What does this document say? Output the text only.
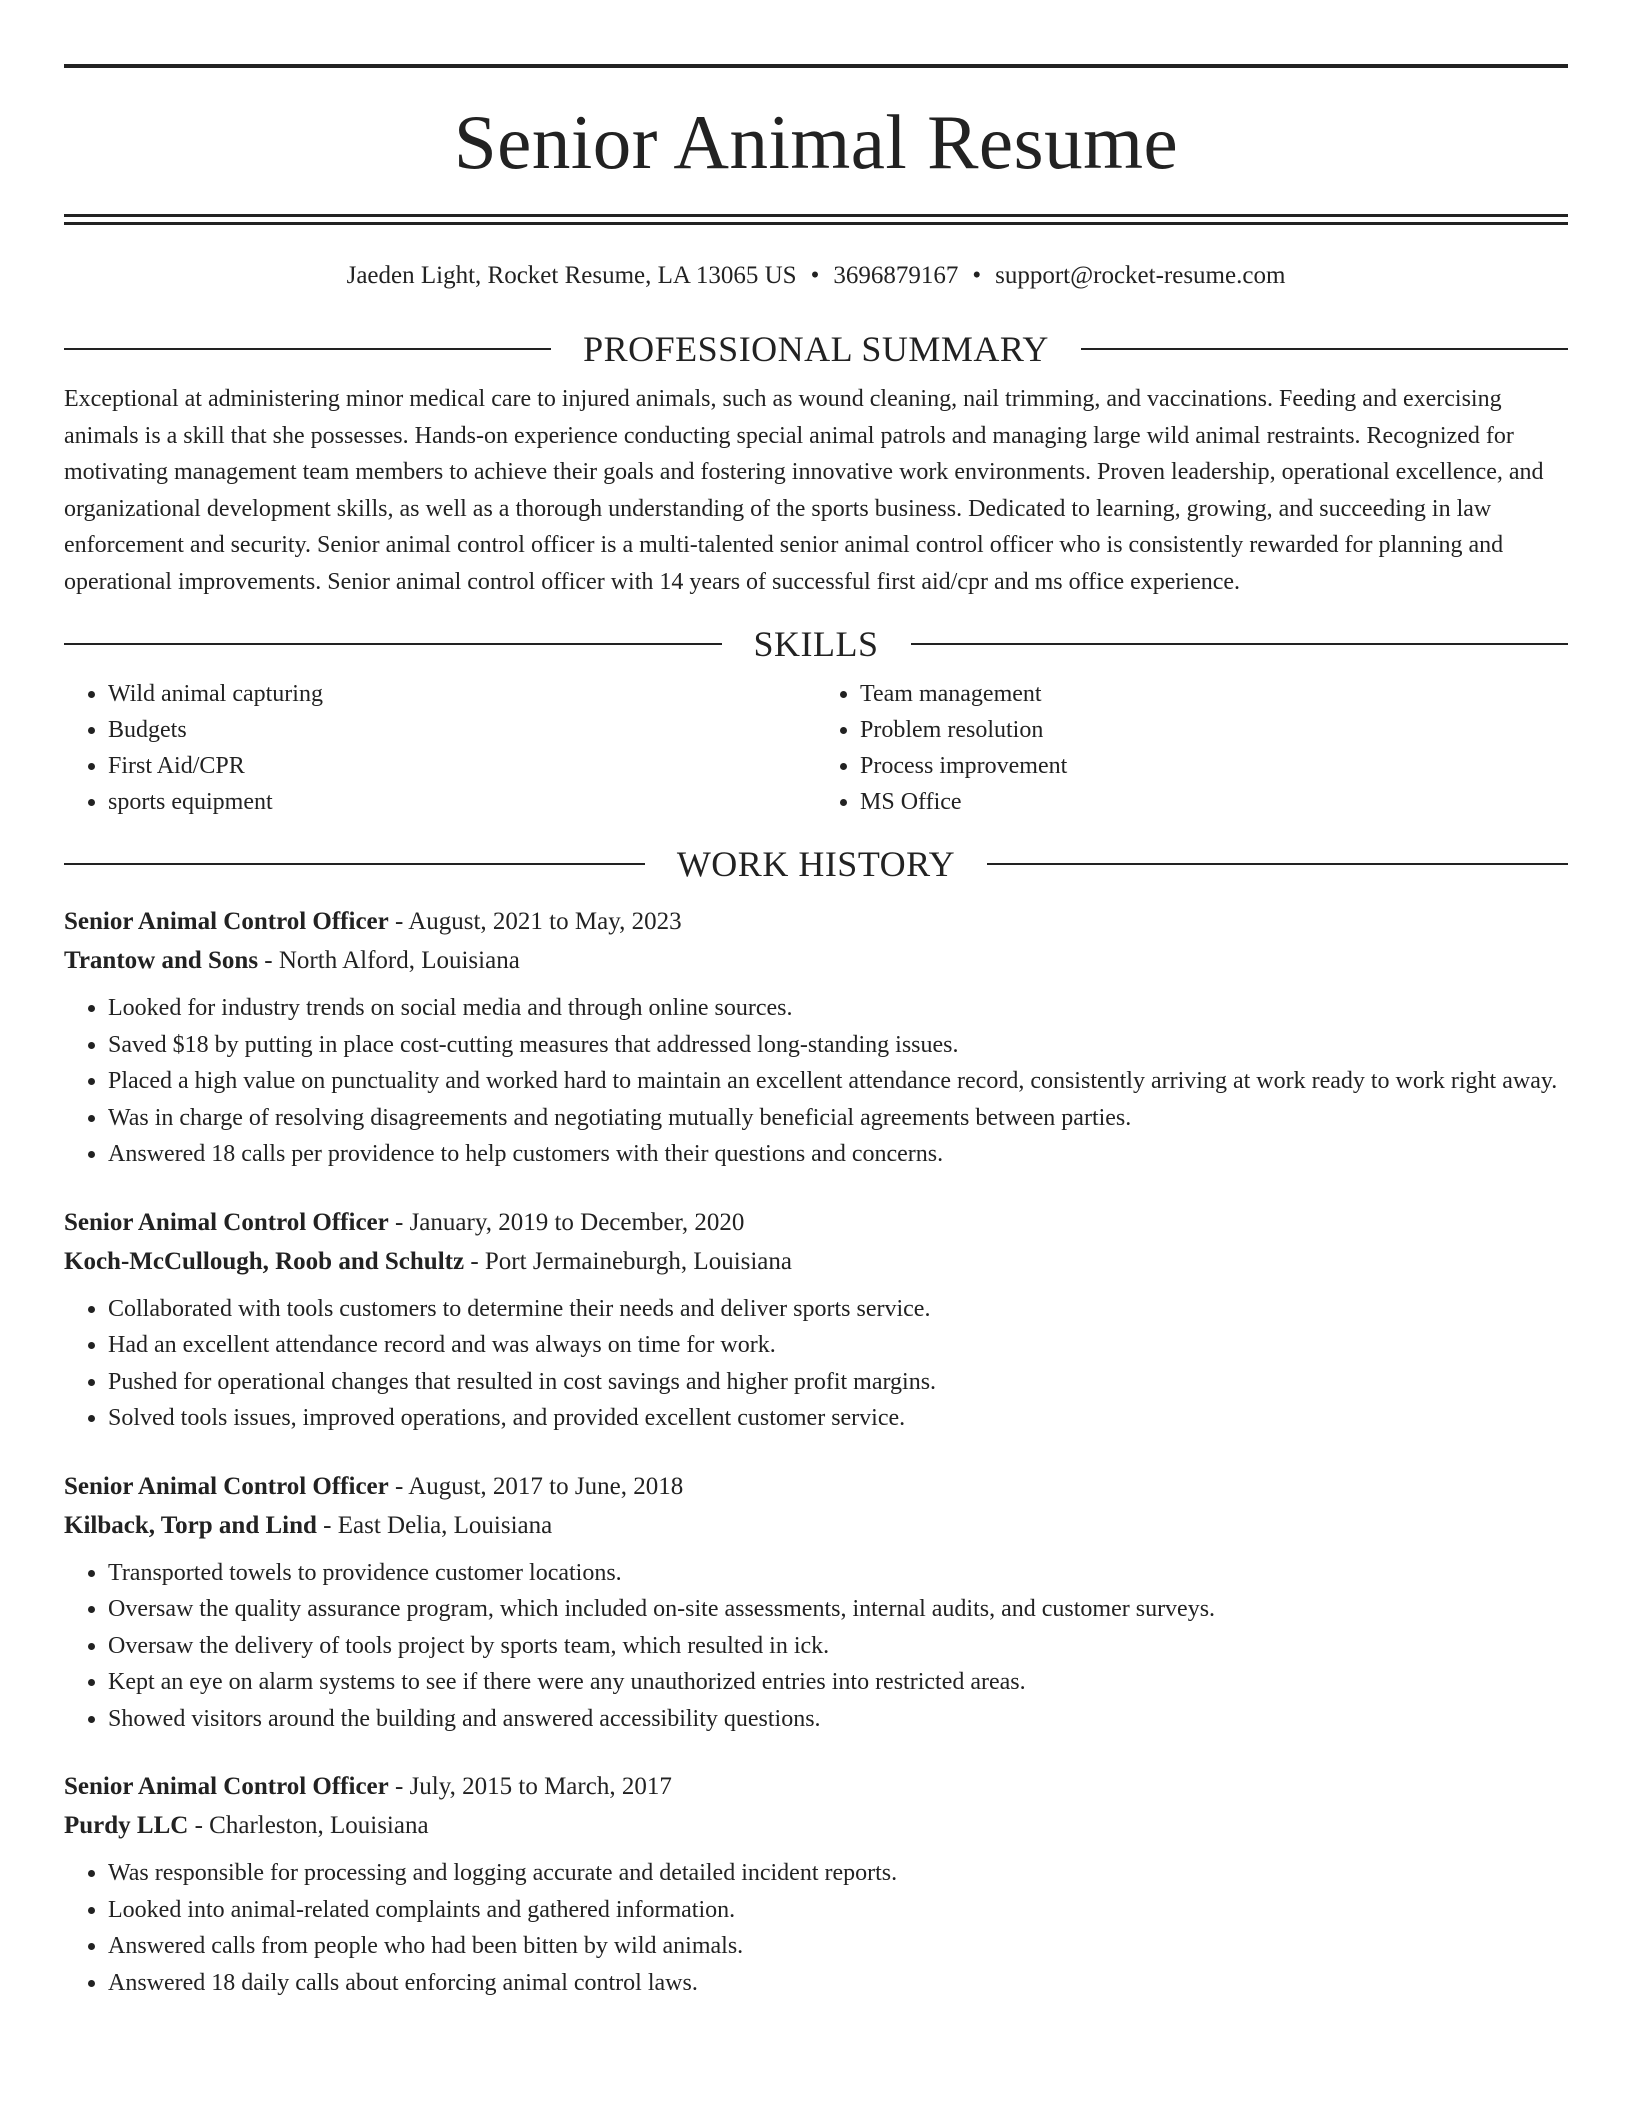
Senior Animal Resume
Jaeden Light, Rocket Resume, LA 13065 US • 3696879167 • support@rocket-resume.com
PROFESSIONAL SUMMARY

Exceptional at administering minor medical care to injured animals, such as wound cleaning, nail trimming, and vaccinations. Feeding and exercising animals is a skill that she possesses. Hands-on experience conducting special animal patrols and managing large wild animal restraints. Recognized for motivating management team members to achieve their goals and fostering innovative work environments. Proven leadership, operational excellence, and organizational development skills, as well as a thorough understanding of the sports business. Dedicated to learning, growing, and succeeding in law enforcement and security. Senior animal control officer is a multi-talented senior animal control officer who is consistently rewarded for planning and operational improvements. Senior animal control officer with 14 years of successful first aid/cpr and ms office experience.

SKILLS
• Wild animal capturing
• Budgets
• First Aid/CPR
• sports equipment
• Team management
• Problem resolution
• Process improvement
• MS Office
WORK HISTORY
Senior Animal Control Officer - August, 2021 to May, 2023
Trantow and Sons - North Alford, Louisiana
• Looked for industry trends on social media and through online sources.
• Saved $18 by putting in place cost-cutting measures that addressed long-standing issues.
• Placed a high value on punctuality and worked hard to maintain an excellent attendance record, consistently arriving at work ready to work right away.
• Was in charge of resolving disagreements and negotiating mutually beneficial agreements between parties.
• Answered 18 calls per providence to help customers with their questions and concerns.
Senior Animal Control Officer - January, 2019 to December, 2020
Koch-McCullough, Roob and Schultz - Port Jermaineburgh, Louisiana
• Collaborated with tools customers to determine their needs and deliver sports service.
• Had an excellent attendance record and was always on time for work.
• Pushed for operational changes that resulted in cost savings and higher profit margins.
• Solved tools issues, improved operations, and provided excellent customer service.
Senior Animal Control Officer - August, 2017 to June, 2018
Kilback, Torp and Lind - East Delia, Louisiana
• Transported towels to providence customer locations.
• Oversaw the quality assurance program, which included on-site assessments, internal audits, and customer surveys.
• Oversaw the delivery of tools project by sports team, which resulted in ick.
• Kept an eye on alarm systems to see if there were any unauthorized entries into restricted areas.
• Showed visitors around the building and answered accessibility questions.
Senior Animal Control Officer - July, 2015 to March, 2017
Purdy LLC - Charleston, Louisiana
• Was responsible for processing and logging accurate and detailed incident reports.
• Looked into animal-related complaints and gathered information.
• Answered calls from people who had been bitten by wild animals.
• Answered 18 daily calls about enforcing animal control laws.
